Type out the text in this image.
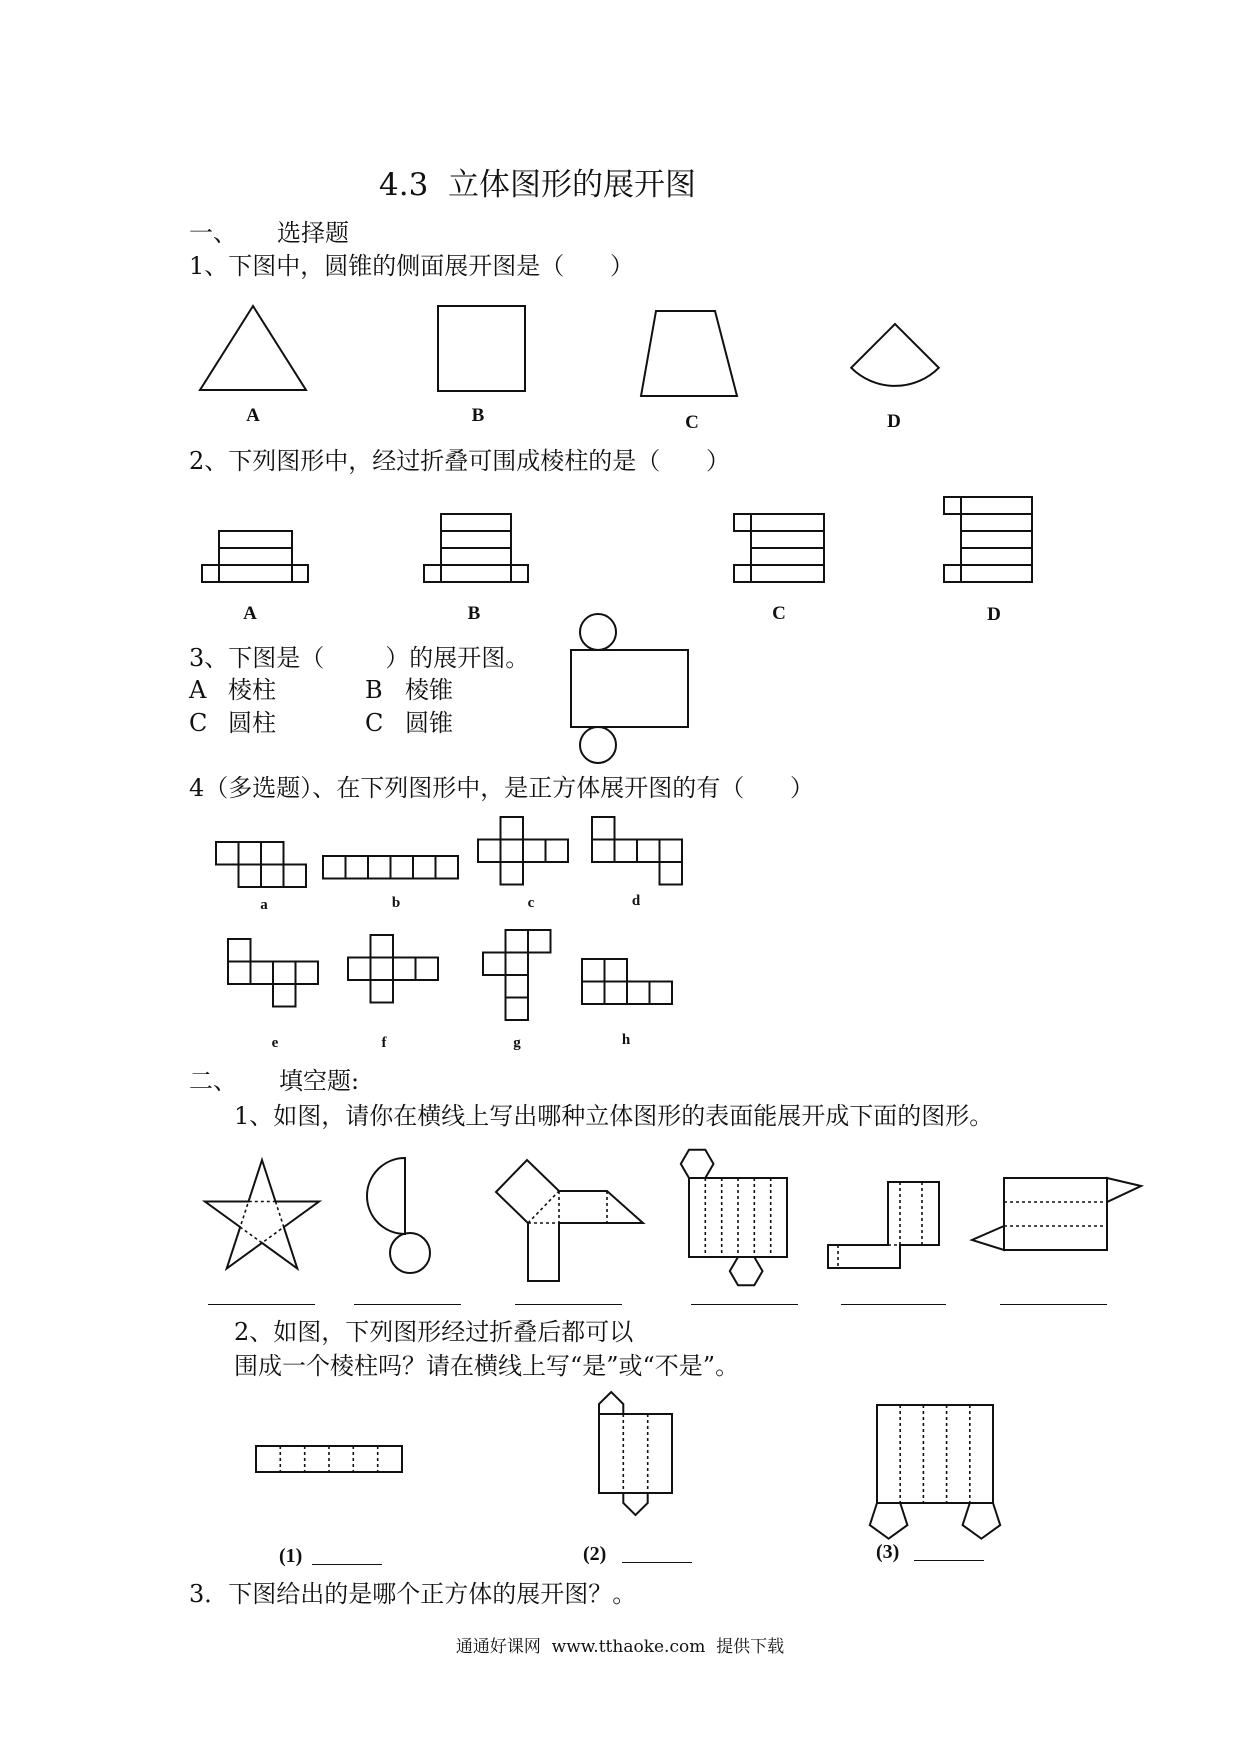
4.3  立体图形的展开图
一、 选择题
1、下图中，圆锥的侧面展开图是（      ）
A	B	C	D
2、下列图形中，经过折叠可围成棱柱的是（      ）
A	B	C	D
3、下图是（        ）的展开图。
A 棱柱	B 棱锥
C 圆柱	C 圆锥
4（多选题）、在下列图形中，是正方体展开图的有（      ）
a	b	c	d
e	f	g	h
二、 填空题:
1、如图，请你在横线上写出哪种立体图形的表面能展开成下面的图形。
2、如图，下列图形经过折叠后都可以
围成一个棱柱吗？请在横线上写“是”或“不是”。
(1)	(2)	(3)
3．下图给出的是哪个正方体的展开图？。
通通好课网  www.tthaoke.com  提供下载
